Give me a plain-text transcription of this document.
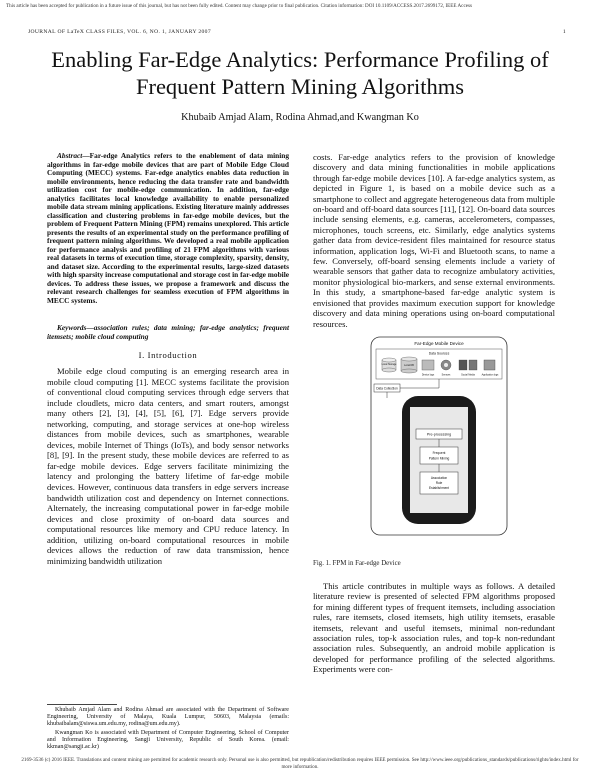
This article has been accepted for publication in a future issue of this journal, but has not been fully edited. Content may change prior to final publication. Citation information: DOI 10.1109/ACCESS.2017.2699172, IEEE Access
JOURNAL OF LaTeX CLASS FILES, VOL. 6, NO. 1, JANUARY 2007	1
Enabling Far-Edge Analytics: Performance Profiling of Frequent Pattern Mining Algorithms
Khubaib Amjad Alam, Rodina Ahmad,and Kwangman Ko

Abstract—Far-edge Analytics refers to the enablement of data mining algorithms in far-edge mobile devices that are part of Mobile Edge Cloud Computing (MECC) systems. Far-edge analytics enables data reduction in mobile environments, hence reducing the data transfer rate and bandwidth utilization cost for mobile-edge communication. In addition, far-edge analytics facilitates local knowledge availability to enable personalized mobile data stream mining applications. Existing literature mainly addresses classification and clustering problems in far-edge mobile devices, but the problem of Frequent Pattern Mining (FPM) remains unexplored. This article presents the results of an experimental study on the performance profiling of frequent pattern mining algorithms. We developed a real mobile application for performance analysis and profiling of 21 FPM algorithms with various real datasets in terms of execution time, storage complexity, sparsity, density, and dataset size. According to the experimental results, large-sized datasets with high sparsity increase computational and storage cost in far-edge mobile devices. To address these issues, we propose a framework and discuss the relevant research challenges for seamless execution of FPM algorithms in MECC systems.

Keywords—association rules; data mining; far-edge analytics; frequent itemsets; mobile cloud computing

I. Introduction

Mobile edge cloud computing is an emerging research area in mobile cloud computing [1]. MECC systems facilitate the provision of conventional cloud computing services through edge servers that include cloudlets, micro data centers, and smart routers, amongst many others [2], [3], [4], [5], [6], [7]. Edge servers provide networking, computing, and storage services at one-hop wireless distances from mobile devices, such as smartphones, wearable devices, mobile Internet of Things (IoTs), and body sensor networks [8], [9]. In the present study, these mobile devices are referred to as far-edge mobile devices. Edge servers facilitate minimizing the latency and prolonging the battery lifetime of far-edge mobile devices. However, continuous data transfers in edge servers increase bandwidth utilization cost and dependency on Internet connections. Alternately, the increasing computational power in far-edge mobile devices and close proximity of on-board data sources and computational resources like memory and CPU reduce latency. In addition, utilizing on-board computational resources in mobile devices allows the reduction of raw data transmission, hence minimizing bandwidth utilization

Khubaib Amjad Alam and Rodina Ahmad are associated with the Department of Software Engineering, University of Malaya, Kuala Lumpur, 50603, Malaysia (emails: khubaibalam@siswa.um.edu.my, rodina@um.edu.my).

Kwangman Ko is associated with Department of Computer Engineering, School of Computer and Information Engineering, Sangji University, Republic of South Korea. (email: kkman@sangji.ac.kr)

costs. Far-edge analytics refers to the provision of knowledge discovery and data mining functionalities in mobile applications through far-edge mobile devices [10]. A far-edge analytics system, as depicted in Figure 1, is based on a mobile device such as a smartphone to collect and aggregate heterogeneous data from multiple on-board and off-board data sources [11], [12]. On-board data sources include sensing elements, e.g. cameras, accelerometers, compasses, microphones, touch screens, etc. Similarly, edge analytics systems gather data from device-resident files maintained for resource status information, application logs, Wi-Fi and Bluetooth scans, to name a few. Conversely, off-board sensing elements include a variety of wearable sensors that gather data to recognize ambulatory activities, monitor physiological bio-markers, and sense external environments. In this study, a smartphone-based far-edge analytic system is envisioned that provides maximum execution support for knowledge discovery and data mining operations using on-board computational resources.

Far-Edge Mobile Device
Data Sources
Local Storage	Local DB
Device logs	Sensors	Social Media	Application logs
Data Collection
Pre-processing
Frequent
Pattern Mining
Association
Rule
Establishment
Fig. 1. FPM in Far-edge Device

This article contributes in multiple ways as follows. A detailed literature review is presented of selected FPM algorithms proposed for mining different types of frequent itemsets, including association rules, rare itemsets, closed itemsets, high utility itemsets, erasable itemsets, relevant and useful itemsets, minimal non-redundant association rules, top-k association rules, and top-k non-redundant association rules. Subsequently, an android mobile application is developed for performance profiling of the selected algorithms. Experiments were con-

2169-3536 (c) 2016 IEEE. Translations and content mining are permitted for academic research only. Personal use is also permitted, but republication/redistribution requires IEEE permission. See http://www.ieee.org/publications_standards/publications/rights/index.html for more information.
